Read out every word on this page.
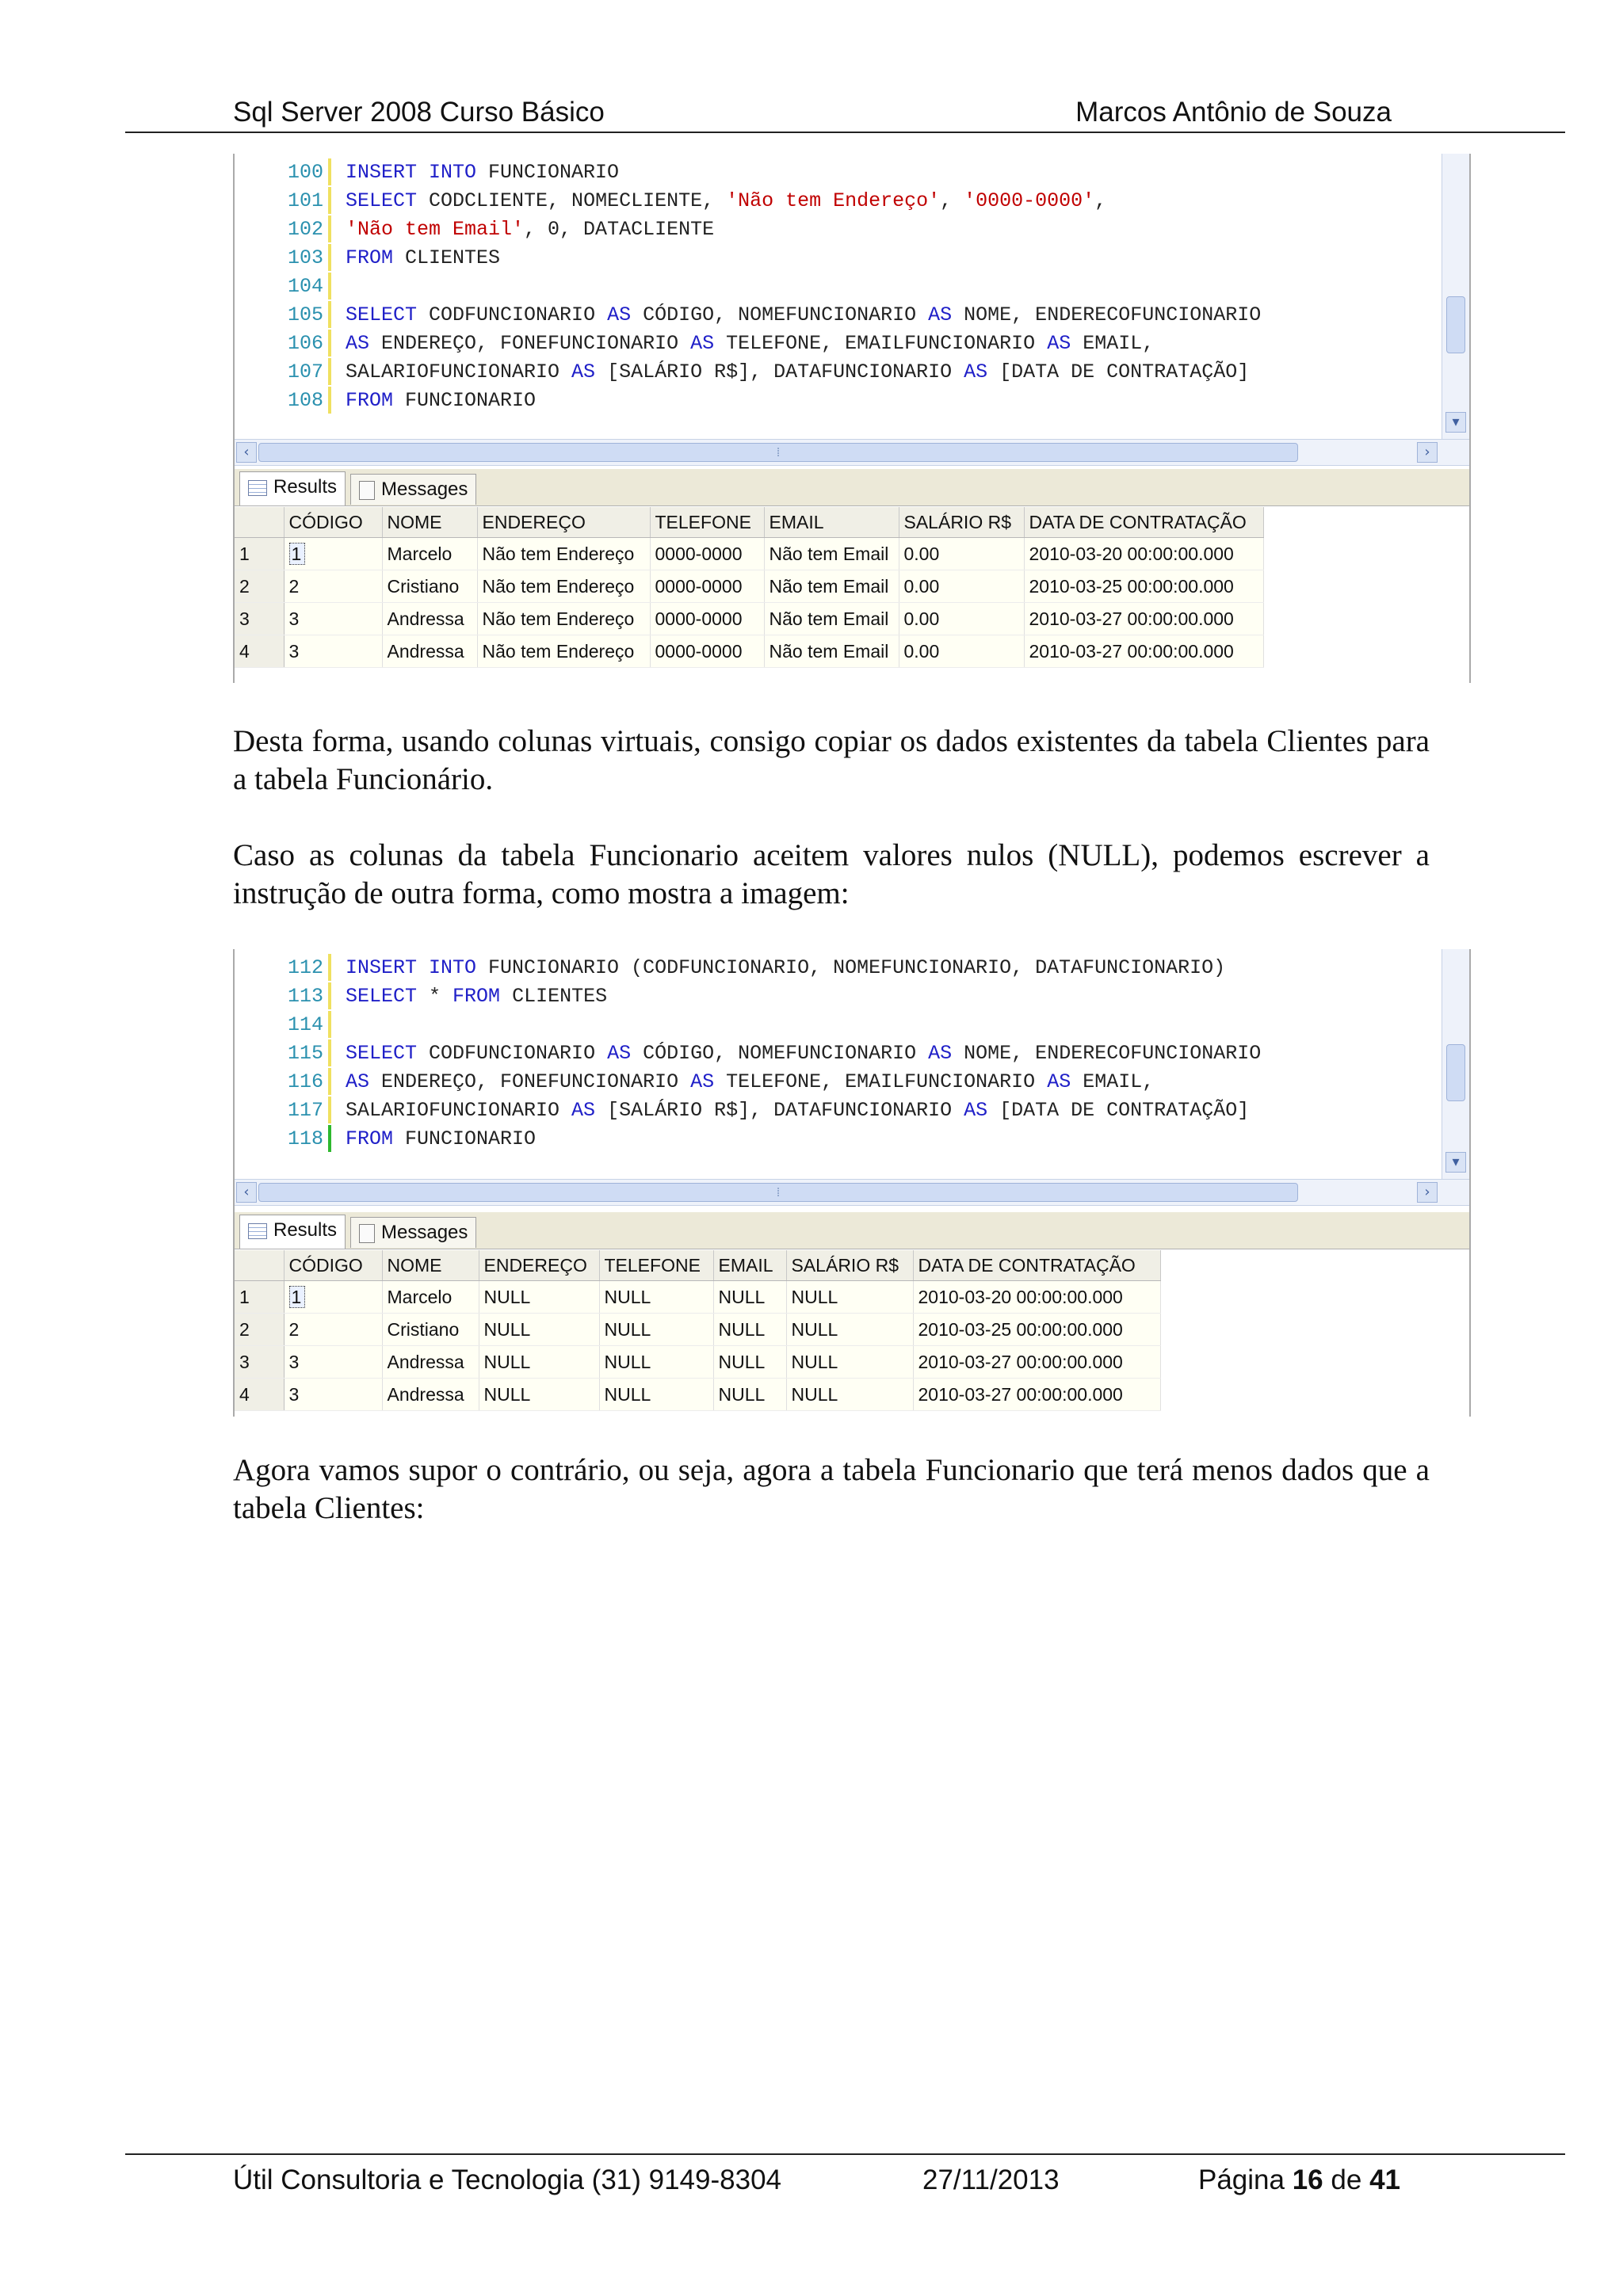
Sql Server 2008 Curso Básico	Marcos Antônio de Souza
100 INSERT INTO FUNCIONARIO
101 SELECT CODCLIENTE, NOMECLIENTE, 'Não tem Endereço', '0000-0000',
102 'Não tem Email', 0, DATACLIENTE
103 FROM CLIENTES
104
105 SELECT CODFUNCIONARIO AS CÓDIGO, NOMEFUNCIONARIO AS NOME, ENDERECOFUNCIONARIO
106 AS ENDEREÇO, FONEFUNCIONARIO AS TELEFONE, EMAILFUNCIONARIO AS EMAIL,
107 SALARIOFUNCIONARIO AS [SALÁRIO R$], DATAFUNCIONARIO AS [DATA DE CONTRATAÇÃO]
108 FROM FUNCIONARIO
▾
‹	⁞	›
Results	Messages
	CÓDIGO	NOME	ENDEREÇO	TELEFONE	EMAIL	SALÁRIO R$	DATA DE CONTRATAÇÃO
1	1	Marcelo	Não tem Endereço	0000-0000	Não tem Email	0.00	2010-03-20 00:00:00.000
2	2	Cristiano	Não tem Endereço	0000-0000	Não tem Email	0.00	2010-03-25 00:00:00.000
3	3	Andressa	Não tem Endereço	0000-0000	Não tem Email	0.00	2010-03-27 00:00:00.000
4	3	Andressa	Não tem Endereço	0000-0000	Não tem Email	0.00	2010-03-27 00:00:00.000
Desta forma, usando colunas virtuais, consigo copiar os dados existentes da tabela Clientes para a tabela Funcionário.
Caso as colunas da tabela Funcionario aceitem valores nulos (NULL), podemos escrever a instrução de outra forma, como mostra a imagem:
112 INSERT INTO FUNCIONARIO (CODFUNCIONARIO, NOMEFUNCIONARIO, DATAFUNCIONARIO)
113 SELECT * FROM CLIENTES
114
115 SELECT CODFUNCIONARIO AS CÓDIGO, NOMEFUNCIONARIO AS NOME, ENDERECOFUNCIONARIO
116 AS ENDEREÇO, FONEFUNCIONARIO AS TELEFONE, EMAILFUNCIONARIO AS EMAIL,
117 SALARIOFUNCIONARIO AS [SALÁRIO R$], DATAFUNCIONARIO AS [DATA DE CONTRATAÇÃO]
118 FROM FUNCIONARIO
▾
‹	⁞	›
Results	Messages
	CÓDIGO	NOME	ENDEREÇO	TELEFONE	EMAIL	SALÁRIO R$	DATA DE CONTRATAÇÃO
1	1	Marcelo	NULL	NULL	NULL	NULL	2010-03-20 00:00:00.000
2	2	Cristiano	NULL	NULL	NULL	NULL	2010-03-25 00:00:00.000
3	3	Andressa	NULL	NULL	NULL	NULL	2010-03-27 00:00:00.000
4	3	Andressa	NULL	NULL	NULL	NULL	2010-03-27 00:00:00.000
Agora vamos supor o contrário, ou seja, agora a tabela Funcionario que terá menos dados que a tabela Clientes:
Útil Consultoria e Tecnologia (31) 9149-8304	27/11/2013	Página 16 de 41
